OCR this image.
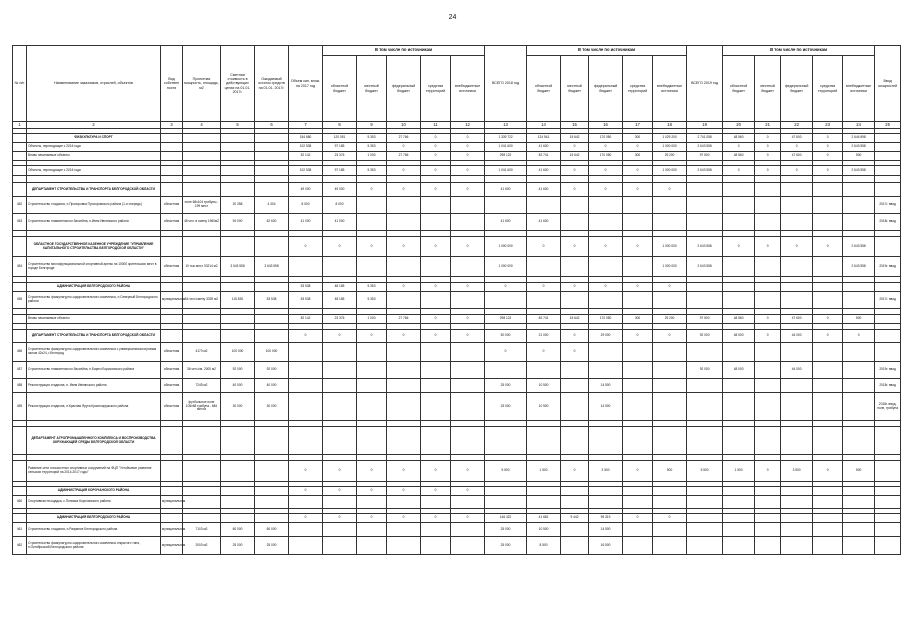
24
№ п/п	Наименование заказчиков, отраслей, объектов	Вид собствен ности	Проектная мощность, площадь, м2	Сметная стоимость в действующих ценах на 01.01. 2017г.	Ожидаемый остаток средств на 01.01. 2017г.	Объем кап. влож. на 2017 год	В том числе по источникам					ВСЕГО 2018 год	В том числе по источникам					ВСЕГО 2019 год	В том числе по источникам					Ввод мощностей
							областной бюджет	местный бюджет	федеральный бюджет	средства территорий	внебюджетные источники		областной бюджет	местный бюджет	федеральный бюджет	средства территорий	внебюджетные источники		областной бюджет	местный бюджет	федеральный бюджет	средства территорий	внебюджетные источники	
1	2	3	4	5	6	7	8	9	10	11	12	13	14	15	16	17	18	19	20	21	22	23	24	25

	ФИЗКУЛЬТУРА И СПОРТ					154 680	120 051	5 353	27 766	0	0	1 339 722	124 541	15 642	170 050	300	1 029 200	2 741 058	48 560	0	47 600	0	2 644 898	
	Объекты, переходящие с 2016 года					102 538	97 185	5 353	0	0	0	1 041 600	41 600	0	0	0	1 000 000	2 643 558	0	0	0	0	2 643 558	
	Вновь начинаемые объекты					52 142	23 376	1 000	27 766	0	0	298 122	82 741	15 642	170 050	300	29 200	97 500	48 560	0	47 600	0	500	

	Объекты, переходящие с 2016 года					102 538	97 185	5 353	0	0	0	1 041 600	41 600	0	0	0	1 000 000	2 643 558	0	0	0	0	2 643 558	

	ДЕПАРТАМЕНТ СТРОИТЕЛЬСТВА И ТРАНСПОРТА БЕЛГОРОДСКОЙ ОБЛАСТИ					49 000	49 000	0	0	0	0	41 600	41 600	0	0	0	0							
452	Строительство стадиона, п.Прохоровка Прохоровского района (1-я очередь)	областная	поле 68х104 трибуны - 199 мест	20 358	4 304	8 000	8 000																	2017г. ввод
453	Строительство плавательного бассейна, п.Ивня Ивнянского района	областная	48 чел. в смену 1960м2	94 000	62 600	41 000	41 000					41 600	41 600											2018г. ввод

	ОБЛАСТНОЕ ГОСУДАРСТВЕННОЕ КАЗЕННОЕ УЧРЕЖДЕНИЕ "УПРАВЛЕНИЕ КАПИТАЛЬНОГО СТРОИТЕЛЬСТВА БЕЛГОРОДСКОЙ ОБЛАСТИ"					0	0	0	0	0	0	1 000 000	0	0	0	0	1 000 000	2 643 558	0	0	0	0	2 643 558	
454	Строительство многофункциональной спортивной арены на 10000 зрительских мест в городе Белгороде	областная	10 тыс.мест 33214 м2	3 643 558	3 643 558							1 000 000					1 000 000	2 643 558					2 643 558	2019г. ввод

	АДМИНИСТРАЦИЯ БЕЛГОРОДСКОГО РАЙОНА					53 538	48 185	5 353	0	0	0	0	0	0	0	0	0							
455	Строительство физкультурно-оздоровительного комплекса, п.Северный Белгородского района	муниципальная	54 чел./смену 3339 м2	115 830	53 538	53 538	48 185	5 353																2017г. ввод

	Вновь начинаемые объекты					52 142	23 376	1 000	27 766	0	0	298 122	82 741	15 642	170 050	300	29 200	97 500	48 560	0	47 600	0	500	

	ДЕПАРТАМЕНТ СТРОИТЕЛЬСТВА И ТРАНСПОРТА БЕЛГОРОДСКОЙ ОБЛАСТИ					0	0	0	0	0	0	50 000	21 000	0	29 000	0	0	92 000	48 000	0	44 000	0	0	
456	Строительство физкультурно-оздоровительного комплекса с универсальным игровым залом 42х24, г.Белгород	областная	4170 м2	100 000	100 000							0	0	0										
457	Строительство плавательного бассейна, п.Бирюч Борисовского района	областная	36 чел./см. 2000 м2	92 000	92 000													92 000	48 000		44 000			2019г. ввод
458	Реконструкция стадиона, п. Ивня Ивнянского района	областная	7245 м2	40 000	40 000							25 000	10 500		14 500									2018г. ввод
459	Реконструкция стадиона, п.Красная Яруга Краснояружского района	областная	футбольное поле 105х68 трибуна - 684 места	30 000	30 000							25 000	10 500		14 500									2018г. ввод, поле, трибуна

	ДЕПАРТАМЕНТ АГРОПРОМЫШЛЕННОГО КОМПЛЕКСА И ВОСПРОИЗВОДСТВА ОКРУЖАЮЩЕЙ СРЕДЫ БЕЛГОРОДСКОЙ ОБЛАСТИ																							

	Развитие сети плоскостных спортивных сооружений на ФЦП "Устойчивое развитие сельских территорий на 2014-2017 годы"					0	0	0	0	0	0	5 500	1 500	0	3 500	0	500	5 500	1 500	0	3 500	0	500	

	АДМИНИСТРАЦИЯ КОРОЧАНСКОГО РАЙОНА					0	0	0	0	0	0													
460	Спортивная площадка, с.Поповка Корочанского района	муниципальная																						

	АДМИНИСТРАЦИЯ БЕЛГОРОДСКОГО РАЙОНА					0	0	0	0	0	0	146 422	41 681	9 442	95 319	0	0							
461	Строительство стадиона, п.Разумное Белгородского района	муниципальная	7103 м2	60 000	60 000							25 000	10 500		14 500									
462	Строительство физкультурно-оздоровительного комплекса открытого типа, п.Октябрьский Белгородского района	муниципальная	2000 м2	25 000	25 000							25 000	8 500		16 500									
